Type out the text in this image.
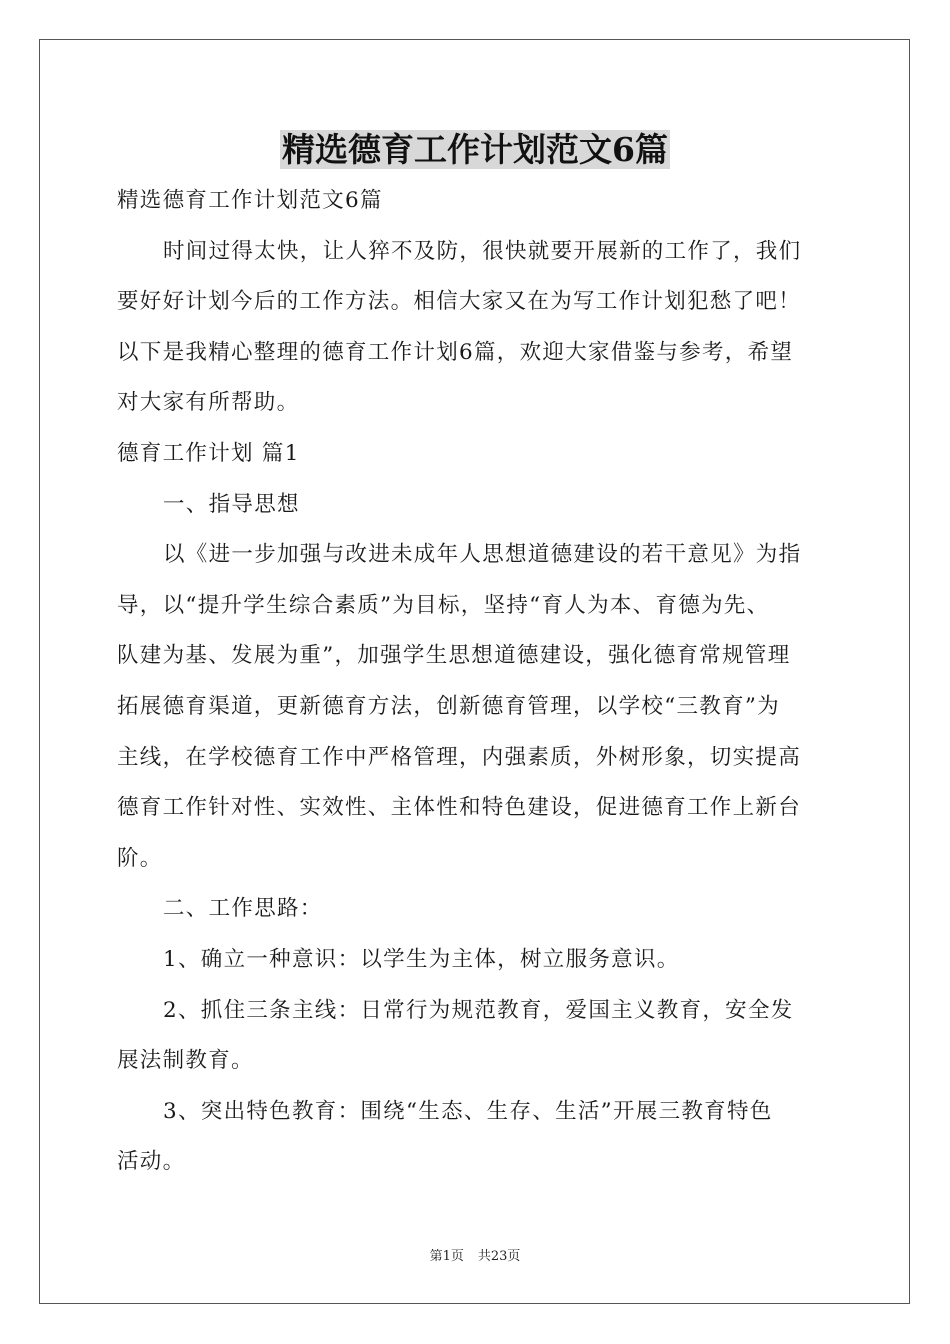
精选德育工作计划范文6篇
精选德育工作计划范文6篇
时间过得太快，让人猝不及防，很快就要开展新的工作了，我们
要好好计划今后的工作方法。相信大家又在为写工作计划犯愁了吧！
以下是我精心整理的德育工作计划6篇，欢迎大家借鉴与参考，希望
对大家有所帮助。
德育工作计划 篇1
一、指导思想
以《进一步加强与改进未成年人思想道德建设的若干意见》为指
导，以“提升学生综合素质”为目标，坚持“育人为本、育德为先、
队建为基、发展为重”，加强学生思想道德建设，强化德育常规管理
拓展德育渠道，更新德育方法，创新德育管理，以学校“三教育”为
主线，在学校德育工作中严格管理，内强素质，外树形象，切实提高
德育工作针对性、实效性、主体性和特色建设，促进德育工作上新台
阶。
二、工作思路：
1、确立一种意识：以学生为主体，树立服务意识。
2、抓住三条主线：日常行为规范教育，爱国主义教育，安全发
展法制教育。
3、突出特色教育：围绕“生态、生存、生活”开展三教育特色
活动。
第1页 共23页
